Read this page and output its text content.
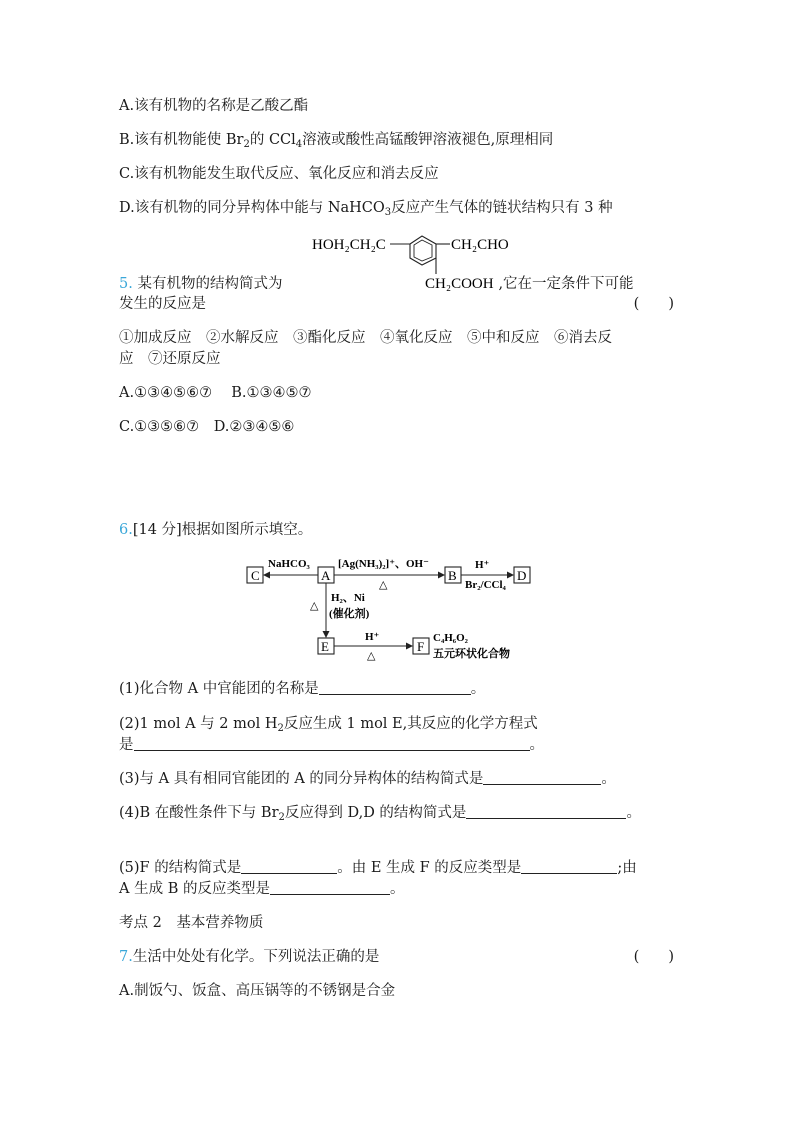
A.该有机物的名称是乙酸乙酯
B.该有机物能使 $Br_2$的 CCl$_4$溶液或酸性高锰酸钾溶液褪色,原理相同
C.该有机物能发生取代反应、氧化反应和消去反应
D.该有机物的同分异构体中能与 NaHCO$_3$反应产生气体的链状结构只有 3 种
HOH₂CH₂C	CH₂CHO
CH₂COOH
5. 某有机物的结构简式为	,它在一定条件下可能
发生的反应是	(　　)
①加成反应　②水解反应　③酯化反应　④氧化反应　⑤中和反应　⑥消去反
应　⑦还原反应
A.①③④⑤⑥⑦　 B.①③④⑤⑦
C.①③⑤⑥⑦　 D.②③④⑤⑥
6.[14 分]根据如图所示填空。
C	A	B	D
E	F
NaHCO₃	[Ag(NH₃)₂]⁺、OH⁻
△
H⁺
Br₂/CCl₄
△
H₂、Ni
(催化剂)
H⁺
△
C₄H₆O₂
五元环状化合物
(1)化合物 A 中官能团的名称是	。
(2)1 mol A 与 2 mol $H_2$反应生成 1 mol E,其反应的化学方程式
是	。
(3)与 A 具有相同官能团的 A 的同分异构体的结构简式是	。
(4)B 在酸性条件下与 $Br_2$反应得到 D,D 的结构简式是	。
(5)F 的结构简式是	。由 E 生成 F 的反应类型是	;由
A 生成 B 的反应类型是	。
考点 2　基本营养物质
7.生活中处处有化学。下列说法正确的是	(　　)
A.制饭勺、饭盒、高压锅等的不锈钢是合金
